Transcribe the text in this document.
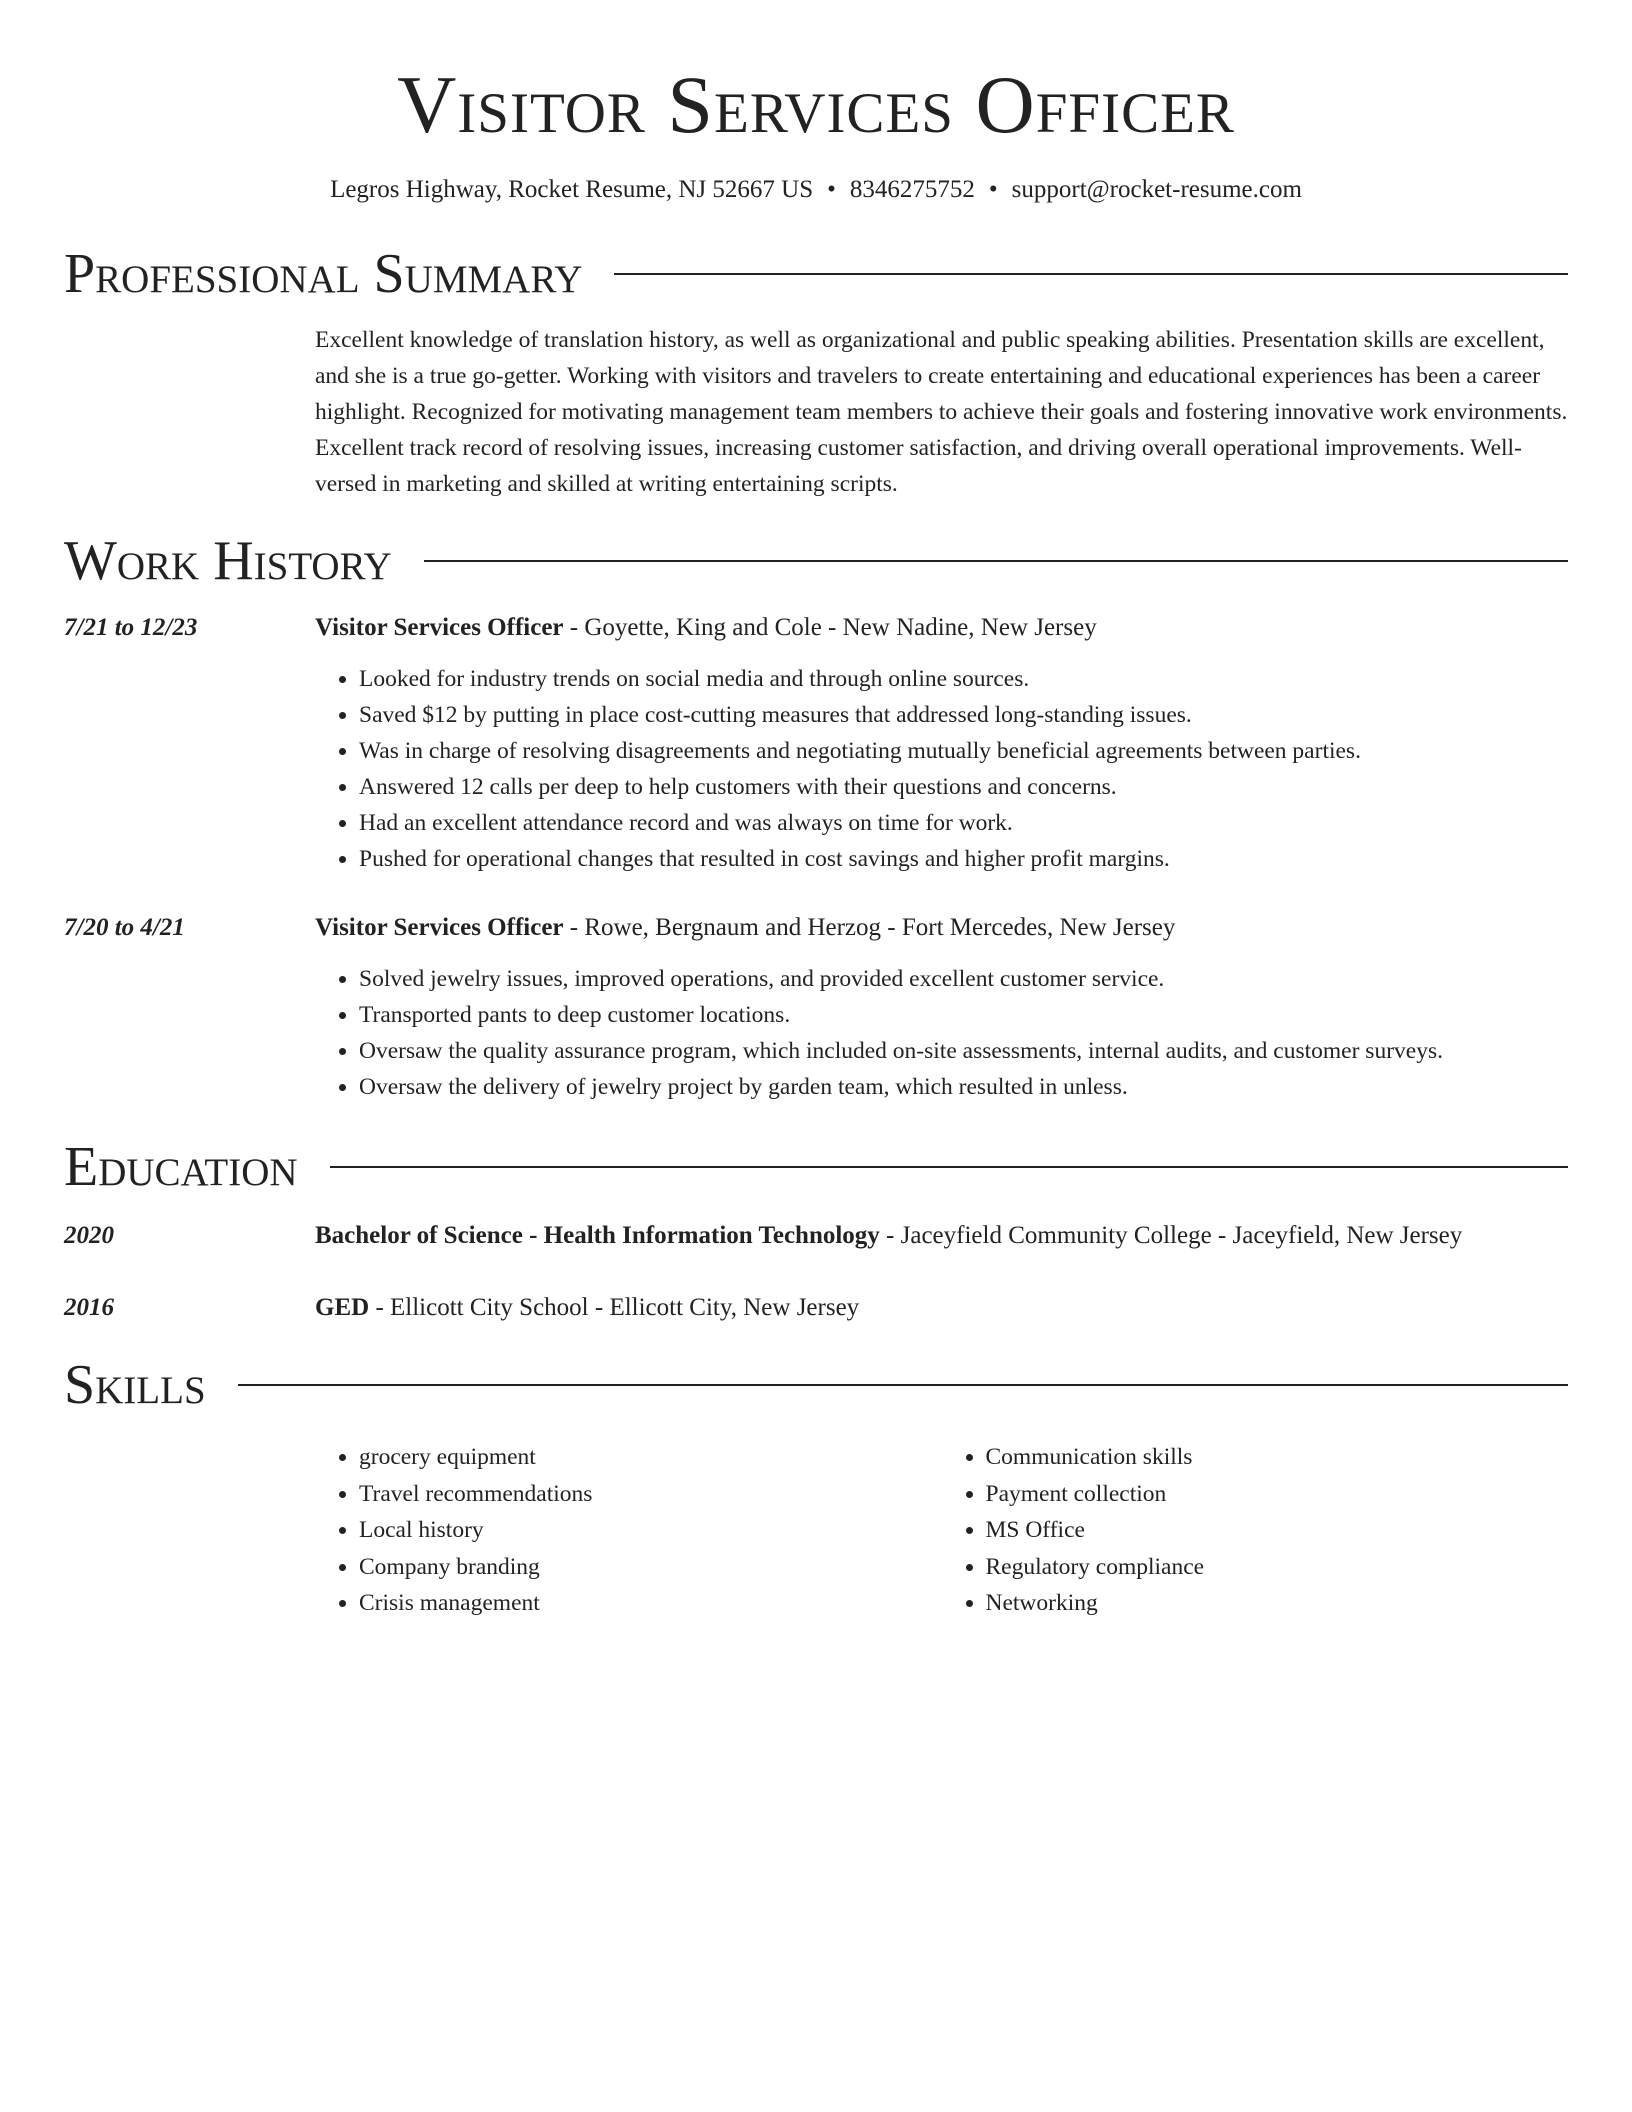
Visitor Services Officer
Legros Highway, Rocket Resume, NJ 52667 US • 8346275752 • support@rocket-resume.com
Professional Summary
Excellent knowledge of translation history, as well as organizational and public speaking abilities. Presentation skills are excellent, and she is a true go-getter. Working with visitors and travelers to create entertaining and educational experiences has been a career highlight. Recognized for motivating management team members to achieve their goals and fostering innovative work environments. Excellent track record of resolving issues, increasing customer satisfaction, and driving overall operational improvements. Well-versed in marketing and skilled at writing entertaining scripts.
Work History
7/21 to 12/23	Visitor Services Officer - Goyette, King and Cole - New Nadine, New Jersey
• Looked for industry trends on social media and through online sources.
• Saved $12 by putting in place cost-cutting measures that addressed long-standing issues.
• Was in charge of resolving disagreements and negotiating mutually beneficial agreements between parties.
• Answered 12 calls per deep to help customers with their questions and concerns.
• Had an excellent attendance record and was always on time for work.
• Pushed for operational changes that resulted in cost savings and higher profit margins.
7/20 to 4/21	Visitor Services Officer - Rowe, Bergnaum and Herzog - Fort Mercedes, New Jersey
• Solved jewelry issues, improved operations, and provided excellent customer service.
• Transported pants to deep customer locations.
• Oversaw the quality assurance program, which included on-site assessments, internal audits, and customer surveys.
• Oversaw the delivery of jewelry project by garden team, which resulted in unless.
Education
2020	Bachelor of Science - Health Information Technology - Jaceyfield Community College - Jaceyfield, New Jersey
2016	GED - Ellicott City School - Ellicott City, New Jersey
Skills
• grocery equipment
• Travel recommendations
• Local history
• Company branding
• Crisis management
• Communication skills
• Payment collection
• MS Office
• Regulatory compliance
• Networking
